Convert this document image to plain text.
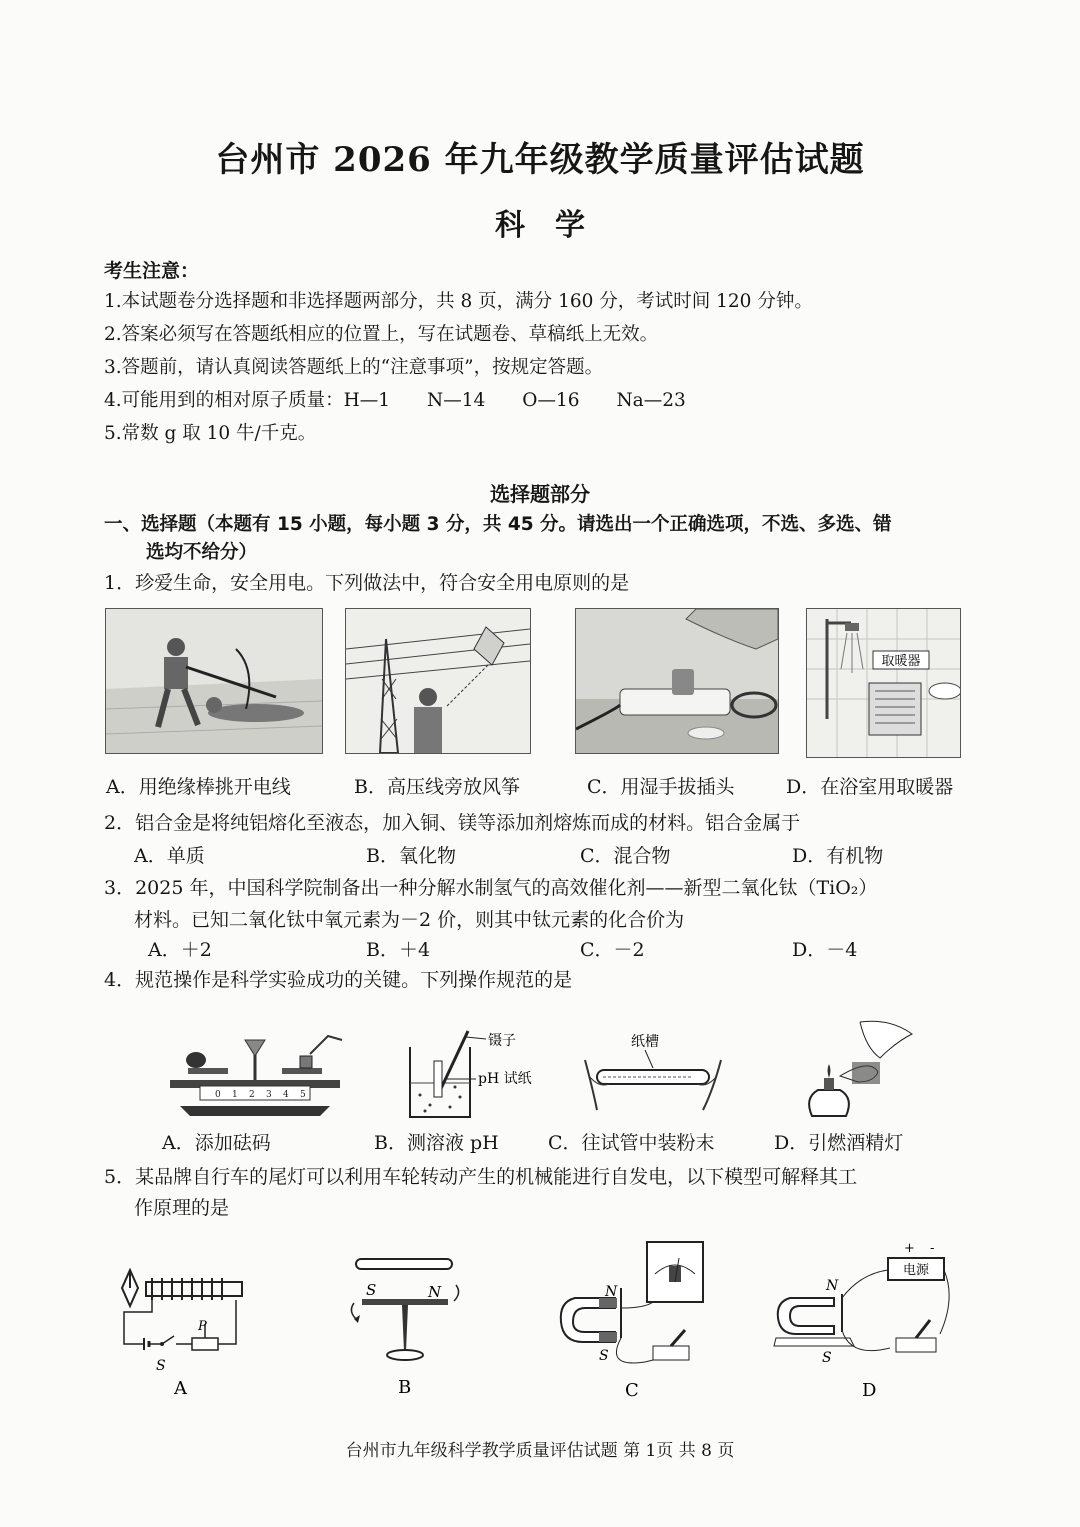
台州市 2026 年九年级教学质量评估试题
科　学
考生注意：
1.本试题卷分选择题和非选择题两部分，共 8 页，满分 160 分，考试时间 120 分钟。
2.答案必须写在答题纸相应的位置上，写在试题卷、草稿纸上无效。
3.答题前，请认真阅读答题纸上的“注意事项”，按规定答题。
4.可能用到的相对原子质量：H—1　　N—14　　O—16　　Na—23
5.常数 g 取 10 牛/千克。
选择题部分
一、选择题（本题有 15 小题，每小题 3 分，共 45 分。请选出一个正确选项，不选、多选、错
选均不给分）
1．珍爱生命，安全用电。下列做法中，符合安全用电原则的是
取暖器
A．用绝缘棒挑开电线	B．高压线旁放风筝	C．用湿手拔插头	D．在浴室用取暖器
2．铝合金是将纯铝熔化至液态，加入铜、镁等添加剂熔炼而成的材料。铝合金属于
A．单质	B．氧化物	C．混合物	D．有机物
3．2025 年，中国科学院制备出一种分解水制氢气的高效催化剂——新型二氧化钛（TiO₂）
材料。已知二氧化钛中氧元素为－2 价，则其中钛元素的化合价为
A．＋2	B．＋4	C．－2	D．－4
4．规范操作是科学实验成功的关键。下列操作规范的是
0 1 2 3 4 5
镊子
pH 试纸
纸槽
A．添加砝码	B．测溶液 pH	C．往试管中装粉末	D．引燃酒精灯
5．某品牌自行车的尾灯可以利用车轮转动产生的机械能进行自发电，以下模型可解释其工
作原理的是
P
S
A
S	N
B
N
S
C
电源
+ -
N
S
D
台州市九年级科学教学质量评估试题 第 1页 共 8 页
